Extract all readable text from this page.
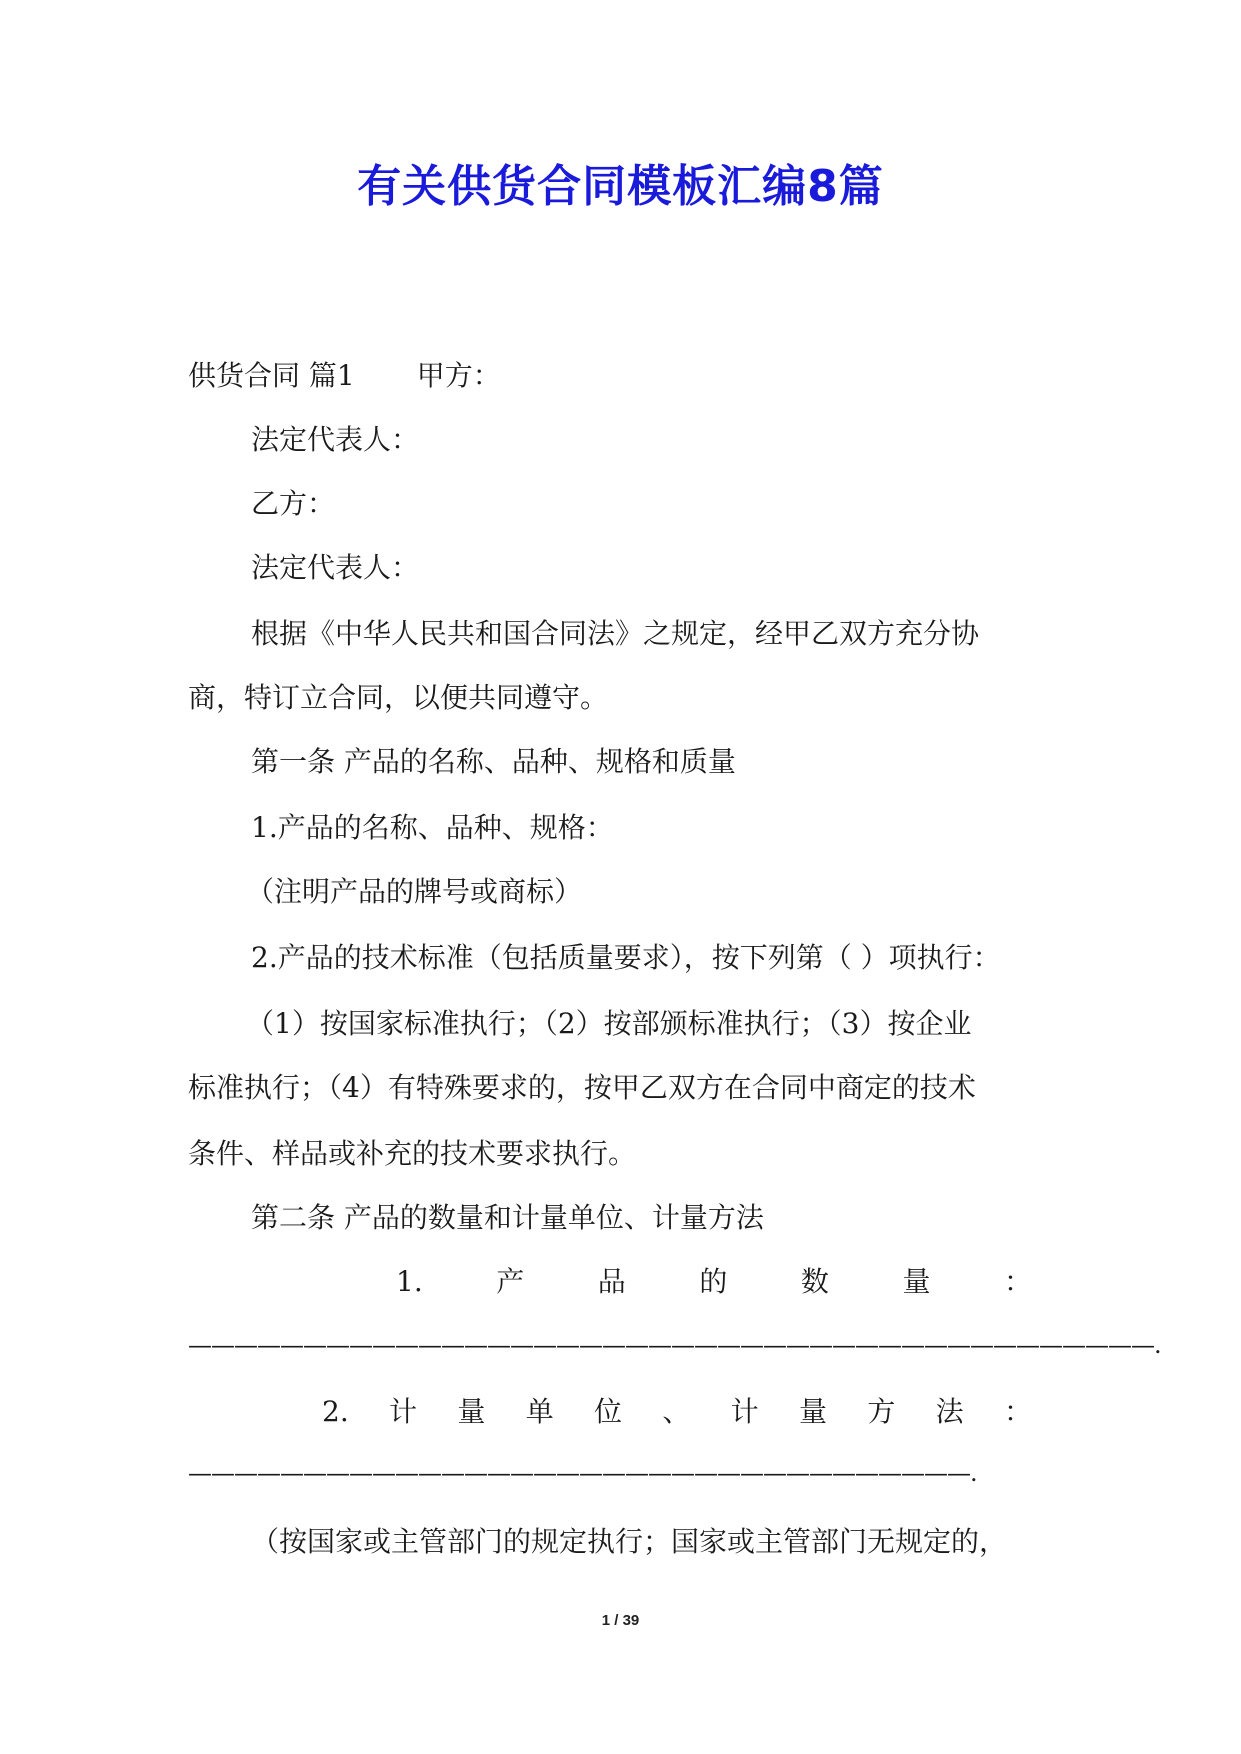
有关供货合同模板汇编8篇
供货合同 篇1 甲方：
法定代表人：
乙方：
法定代表人：
根据《中华人民共和国合同法》之规定，经甲乙双方充分协
商，特订立合同，以便共同遵守。
第一条 产品的名称、品种、规格和质量
1.产品的名称、品种、规格：
（注明产品的牌号或商标）
2.产品的技术标准（包括质量要求），按下列第（ ）项执行：
（1）按国家标准执行；（2）按部颁标准执行；（3）按企业
标准执行；（4）有特殊要求的，按甲乙双方在合同中商定的技术
条件、样品或补充的技术要求执行。
第二条 产品的数量和计量单位、计量方法
1.	产	品	的	数	量	：
——————————————————————————————————————————.
2. 计 量 单 位 、 计 量 方 法 ：
——————————————————————————————————.
（按国家或主管部门的规定执行；国家或主管部门无规定的，
1 / 39
